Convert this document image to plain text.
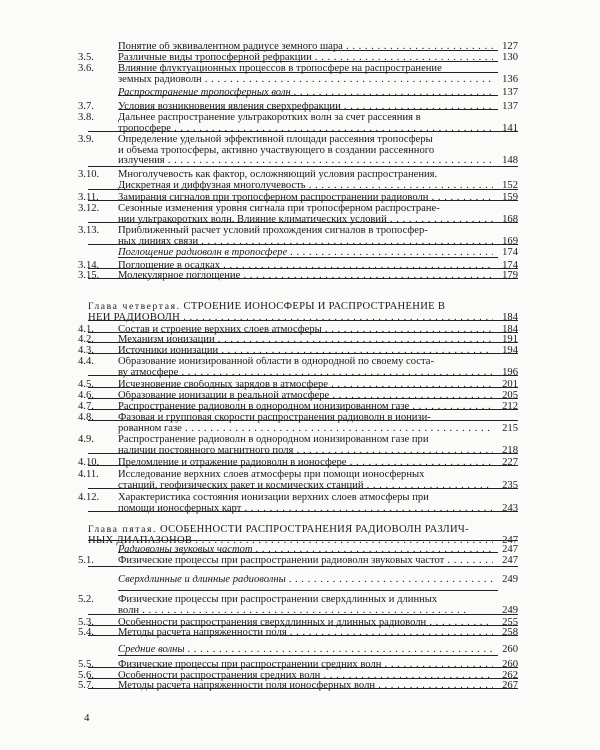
Понятие об эквивалентном радиусе земного шара . . .	127
3.5. Различные виды тропосферной рефракции . . .	130
3.6. Влияние флуктуационных процессов в тропосфере на распространение
земных радиоволн . . .	136
Распространение тропосферных волн . . .	137
3.7. Условия возникновения явления сверхрефракции . . .	137
3.8. Дальнее распространение ультракоротких волн за счет рассеяния в
тропосфере . . .	141
3.9. Определение удельной эффективной площади рассеяния тропосферы
и объема тропосферы, активно участвующего в создании рассеянного
излучения . . .	148
3.10. Многолучевость как фактор, осложняющий условия распространения.
Дискретная и диффузная многолучевость . . .	152
3.11. Замирания сигналов при тропосферном распространении радиоволн . . .	159
3.12. Сезонные изменения уровня сигнала при тропосферном распростране-
нии ультракоротких волн. Влияние климатических условий . . .	168
3.13. Приближенный расчет условий прохождения сигналов в тропосфер-
ных линиях связи . . .	169
Поглощение радиоволн в тропосфере . . .	174
3.14. Поглощение в осадках . . .	174
3.15. Молекулярное поглощение . . .	179
Глава четвертая. СТРОЕНИЕ ИОНОСФЕРЫ И РАСПРОСТРАНЕНИЕ В
НЕЙ РАДИОВОЛН . . .	184
4.1. Состав и строение верхних слоев атмосферы . . .	184
4.2. Механизм ионизации . . .	191
4.3. Источники ионизации . . .	194
4.4. Образование ионизированной области в однородной по своему соста-
ву атмосфере . . .	196
4.5. Исчезновение свободных зарядов в атмосфере . . .	201
4.6. Образование ионизации в реальной атмосфере . . .	205
4.7. Распространение радиоволн в однородном ионизированном газе . . .	212
4.8. Фазовая и групповая скорости распространения радиоволн в ионизи-
рованном газе . . .	215
4.9. Распространение радиоволн в однородном ионизированном газе при
наличии постоянного магнитного поля . . .	218
4.10. Преломление и отражение радиоволн в ионосфере . . .	227
4.11. Исследование верхних слоев атмосферы при помощи ионосферных
станций, геофизических ракет и космических станций . . .	235
4.12. Характеристика состояния ионизации верхних слоев атмосферы при
помощи ионосферных карт . . .	243
Глава пятая. ОСОБЕННОСТИ РАСПРОСТРАНЕНИЯ РАДИОВОЛН РАЗЛИЧ-
НЫХ ДИАПАЗОНОВ . . .	247
Радиоволны звуковых частот . . .	247
5.1. Физические процессы при распространении радиоволн звуковых частот . . .	247
Сверхдлинные и длинные радиоволны . . .	249
5.2. Физические процессы при распространении сверхдлинных и длинных
волн . . .	249
5.3. Особенности распространения сверхдлинных и длинных радиоволн . . .	255
5.4. Методы расчета напряженности поля . . .	258
Средние волны . . .	260
5.5. Физические процессы при распространении средних волн . . .	260
5.6. Особенности распространения средних волн . . .	262
5.7. Методы расчета напряженности поля ионосферных волн . . .	267
4
